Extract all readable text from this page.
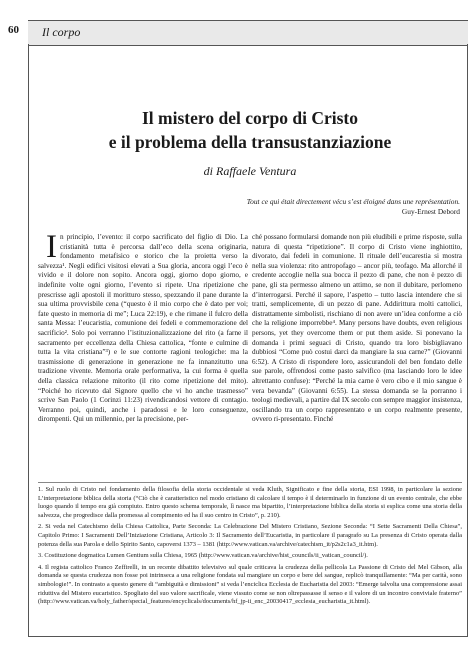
60 Il corpo
Il mistero del corpo di Cristo
e il problema della transustanziazione
di Raffaele Ventura
Tout ce qui était directement vécu s’est éloigné dans une représentation.
Guy-Ernest Debord
I n principio, l’evento: il corpo sacrificato del figlio di Dio. La cristianità tutta è percorsa dall’eco della scena originaria, fondamento metafisico e storico che la proietta verso la salvezza¹. Negli edifici visitosi elevati a Sua gloria, ancora oggi l’eco è vivido e il dolore non sopito. Ancora oggi, giorno dopo giorno, e indefinite volte ogni giorno, l’evento si ripete. Una ripetizione che prescrisse agli apostoli il moritturo stesso, spezzando il pane durante la sua ultima provvisbile cena (“questo è il mio corpo che è dato per voi; fate questo in memoria di me”; Luca 22:19), e che rimane il fulcro della santa Messa: l’eucaristia, comunione dei fedeli e commemorazione del sacrificio². Solo poi verranno l’istituzionalizzazione del rito (a farne il sacramento per eccellenza della Chiesa cattolica, “fonte e culmine di tutta la vita cristiana”³) e le sue contorte ragioni teologiche: ma la trasmissione di generazione in generazione ne fa innanzitutto una tradizione vivente. Memoria orale performativa, la cui forma è quella della classica relazione mitorito (il rito come ripetizione del mito). “Poiché ho ricevuto dal Signore quello che vi ho anche trasmesso” scrive San Paolo (1 Corinzi 11:23) rivendicandosi vettore di contagio. Verranno poi, quindi, anche i paradossi e le loro conseguenze, dirompenti. Qui un millennio, per la precisione, per-

ché possano formularsi domande non più eludibili e prime risposte, sulla natura di questa “ripetizione”. Il corpo di Cristo viene inghiottito, divorato, dai fedeli in comunione. Il rituale dell’eucarestia si mostra nella sua violenza: rito antropofago – ancor più, teofago. Ma allorché il credente accoglie nella sua bocca il pezzo di pane, che non è pezzo di pane, gli sta permesso almeno un attimo, se non il dubitare, perlomeno d’interrogarsi. Perché il sapore, l’aspetto – tutto lascia intendere che si tratti, semplicemente, di un pezzo di pane. Addirittura molti cattolici, distrattamente simbolisti, rischiano di non avere un’idea conforme a ciò che la religione imporrebbe⁴. Many persons have doubts, even religious persons, yet they overcome them or put them aside. Si ponevano la domanda i primi seguaci di Cristo, quando tra loro bisbigliavano dubbiosi “Come può costui darci da mangiare la sua carne?” (Giovanni 6:52). A Cristo di rispondere loro, assicurandoli del ben fondato delle sue parole, offrendosi come pasto salvifico (ma lasciando loro le idee altrettanto confuse): “Perché la mia carne è vero cibo e il mio sangue è vera bevanda” (Giovanni 6:55). La stessa domanda se la porranno i teologi medievali, a partire dal IX secolo con sempre maggior insistenza, oscillando tra un corpo rappresentato e un corpo realmente presente, ovvero ri-presentato. Finché

1. Sul ruolo di Cristo nel fondamento della filosofia della storia occidentale si veda Kluth, Significato e fine della storia, ESI 1998, in particolare la sezione L’interpretazione biblica della storia (“Ciò che è caratteristico nel modo cristiano di calcolare il tempo è il determinarlo in funzione di un evento centrale, che ebbe luogo quando il tempo era già compiuto. Entro questo schema temporale, lì nasce ma bipartito, l’interpretazione biblica della storia si esplica come una storia della salvezza, che progredisce dalla promessa al compimento ed ha il suo centro in Cristo”, p. 210).

2. Si veda nel Catechismo della Chiesa Cattolica, Parte Seconda: La Celebrazione Del Mistero Cristiano, Sezione Seconda: “I Sette Sacramenti Della Chiesa”, Capitolo Primo: I Sacramenti Dell’Iniziazione Cristiana, Articolo 3: Il Sacramento dell’Eucaristia, in particolare il paragrafo su La presenza di Cristo operata dalla potenza della sua Parola e dello Spirito Santo, capoversi 1373 – 1381 (http://www.vatican.va/archive/catechism_it/p2s2c1a3_it.htm).

3. Costituzione dogmatica Lumen Gentium sulla Chiesa, 1965 (http://www.vatican.va/archive/hist_councils/ii_vatican_council/).

4. Il regista cattolico Franco Zeffirelli, in un recente dibattito televisivo sul quale criticava la crudezza della pellicola La Passione di Cristo del Mel Gibson, alla domanda se questa crudezza non fosse poi intrinseca a una religione fondata sul mangiare un corpo e bere del sangue, replicò tranquillamente: “Ma per carità, sono simbologie!”. In contrasto a questo genere di “ambiguità e dimissioni” si veda l’enciclica Ecclesia de Eucharistia del 2003: “Emerge talvolta una comprensione assai riduttiva del Mistero eucaristico. Spogliato del suo valore sacrificale, viene vissuto come se non oltrepassasse il senso e il valore di un incontro conviviale fraterno” (http://www.vatican.va/holy_father/special_features/encyclicals/documents/hf_jp-ii_enc_20030417_ecclesia_eucharistia_it.html).
